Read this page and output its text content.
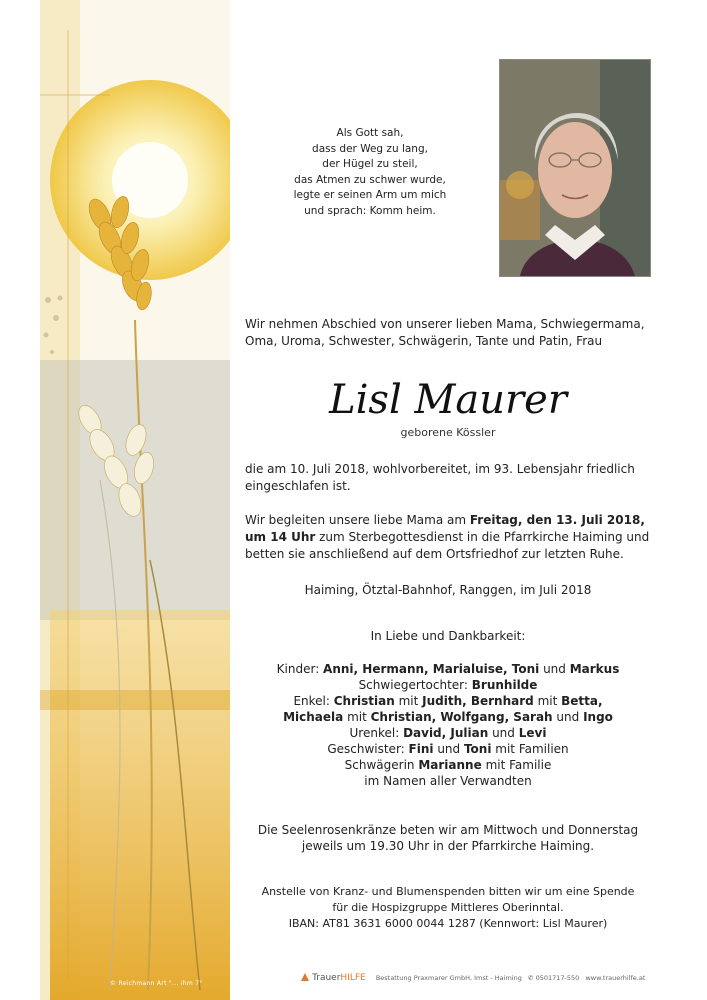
© Reichmann Art "... ihm 7"
Als Gott sah,
dass der Weg zu lang,
der Hügel zu steil,
das Atmen zu schwer wurde,
legte er seinen Arm um mich
und sprach: Komm heim.

Wir nehmen Abschied von unserer lieben Mama, Schwiegermama, Oma, Uroma, Schwester, Schwägerin, Tante und Patin, Frau

Lisl Maurer
geborene Kössler

die am 10. Juli 2018, wohlvorbereitet, im 93. Lebensjahr friedlich eingeschlafen ist.

Wir begleiten unsere liebe Mama am Freitag, den 13. Juli 2018, um 14 Uhr zum Sterbegottesdienst in die Pfarrkirche Haiming und betten sie anschließend auf dem Ortsfriedhof zur letzten Ruhe.

Haiming, Ötztal-Bahnhof, Ranggen, im Juli 2018

In Liebe und Dankbarkeit:

Kinder: Anni, Hermann, Marialuise, Toni und Markus
Schwiegertochter: Brunhilde
Enkel: Christian mit Judith, Bernhard mit Betta,
Michaela mit Christian, Wolfgang, Sarah und Ingo
Urenkel: David, Julian und Levi
Geschwister: Fini und Toni mit Familien
Schwägerin Marianne mit Familie
im Namen aller Verwandten
Die Seelenrosenkränze beten wir am Mittwoch und Donnerstag
jeweils um 19.30 Uhr in der Pfarrkirche Haiming.
Anstelle von Kranz- und Blumenspenden bitten wir um eine Spende
für die Hospizgruppe Mittleres Oberinntal.
IBAN: AT81 3631 6000 0044 1287 (Kennwort: Lisl Maurer)
TrauerHILFE Bestattung Praxmarer GmbH, Imst - Haiming ✆ 0501717-550 www.trauerhilfe.at
